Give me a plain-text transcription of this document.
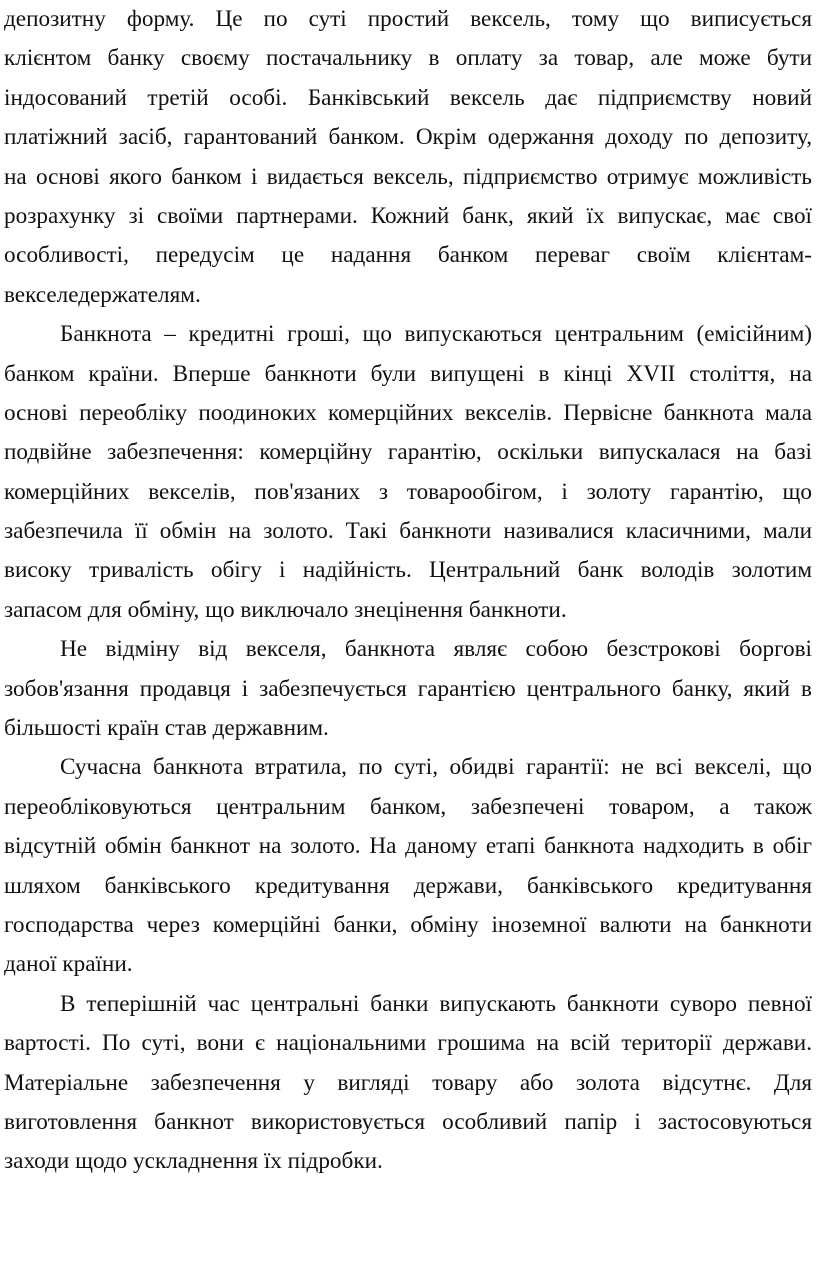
депозитну форму. Це по суті простий вексель, тому що виписується
клієнтом банку своєму постачальнику в оплату за товар, але може бути
індосований третій особі. Банківський вексель дає підприємству новий
платіжний засіб, гарантований банком. Окрім одержання доходу по депозиту,
на основі якого банком і видається вексель, підприємство отримує можливість
розрахунку зі своїми партнерами. Кожний банк, який їх випускає, має свої
особливості, передусім це надання банком переваг своїм клієнтам-
векселедержателям.
Банкнота – кредитні гроші, що випускаються центральним (емісійним)
банком країни. Вперше банкноти були випущені в кінці XVII століття, на
основі переобліку поодиноких комерційних векселів. Первісне банкнота мала
подвійне забезпечення: комерційну гарантію, оскільки випускалася на базі
комерційних векселів, пов'язаних з товарообігом, і золоту гарантію, що
забезпечила її обмін на золото. Такі банкноти називалися класичними, мали
високу тривалість обігу і надійність. Центральний банк володів золотим
запасом для обміну, що виключало знецінення банкноти.
Не відміну від векселя, банкнота являє собою безстрокові боргові
зобов'язання продавця і забезпечується гарантією центрального банку, який в
більшості країн став державним.
Сучасна банкнота втратила, по суті, обидві гарантії: не всі векселі, що
переобліковуються центральним банком, забезпечені товаром, а також
відсутній обмін банкнот на золото. На даному етапі банкнота надходить в обіг
шляхом банківського кредитування держави, банківського кредитування
господарства через комерційні банки, обміну іноземної валюти на банкноти
даної країни.
В теперішній час центральні банки випускають банкноти суворо певної
вартості. По суті, вони є національними грошима на всій території держави.
Матеріальне забезпечення у вигляді товару або золота відсутнє. Для
виготовлення банкнот використовується особливий папір і застосовуються
заходи щодо ускладнення їх підробки.
